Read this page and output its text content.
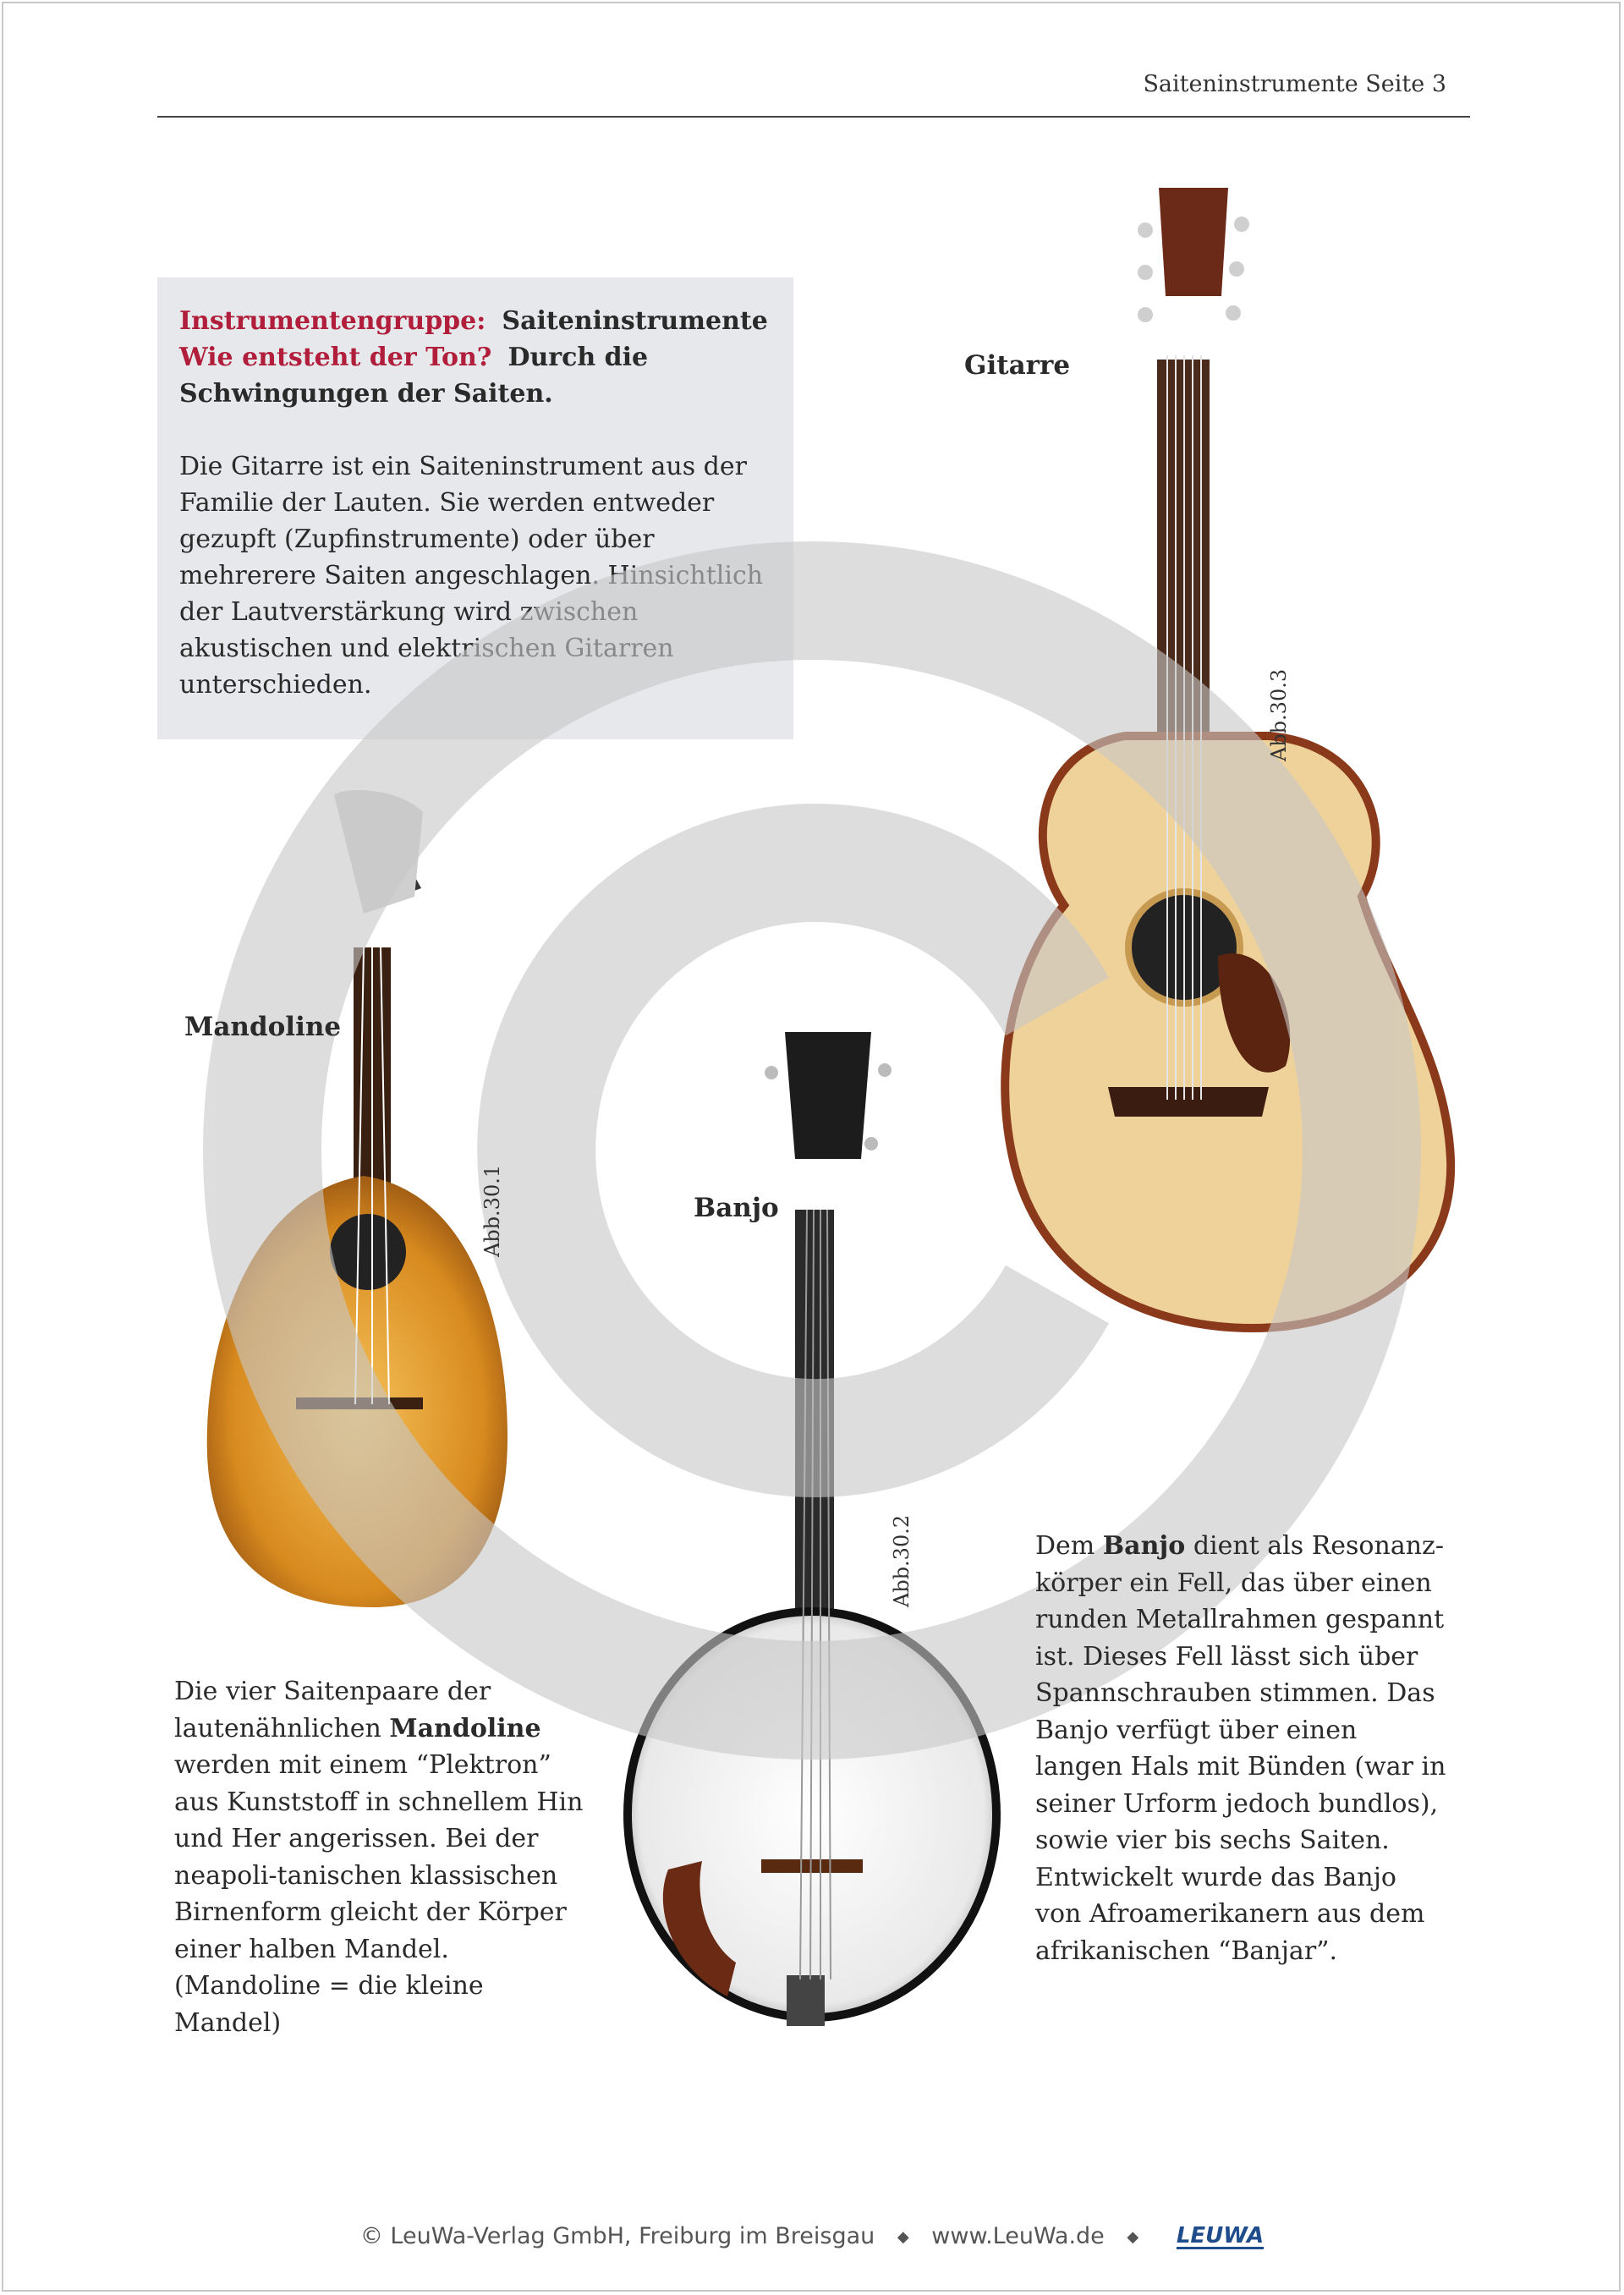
Saiteninstrumente Seite 3

Instrumentengruppe: Saiteninstrumente

Wie entsteht der Ton? Durch die Schwingungen der Saiten.

Die Gitarre ist ein Saiteninstrument aus der Familie der Lauten. Sie werden entweder gezupft (Zupfinstrumente) oder über mehrerere Saiten angeschlagen. Hinsichtlich der Lautverstärkung wird zwischen akustischen und elektrischen Gitarren unterschieden.

Gitarre
Abb.30.3
Mandoline
Abb.30.1	Banjo
Abb.30.2
Die vier Saitenpaare der lautenähnlichen Mandoline werden mit einem “Plektron” aus Kunststoff in schnellem Hin und Her angerissen. Bei der neapoli-tanischen klassischen Birnenform gleicht der Körper einer halben Mandel.
(Mandoline = die kleine Mandel)
Dem Banjo dient als Resonanz-körper ein Fell, das über einen runden Metallrahmen gespannt ist. Dieses Fell lässt sich über Spannschrauben stimmen. Das Banjo verfügt über einen langen Hals mit Bünden (war in seiner Urform jedoch bundlos), sowie vier bis sechs Saiten.
Entwickelt wurde das Banjo von Afroamerikanern aus dem afrikanischen “Banjar”.
© LeuWa-Verlag GmbH, Freiburg im Breisgau ◆ www.LeuWa.de ◆ LEUWA
